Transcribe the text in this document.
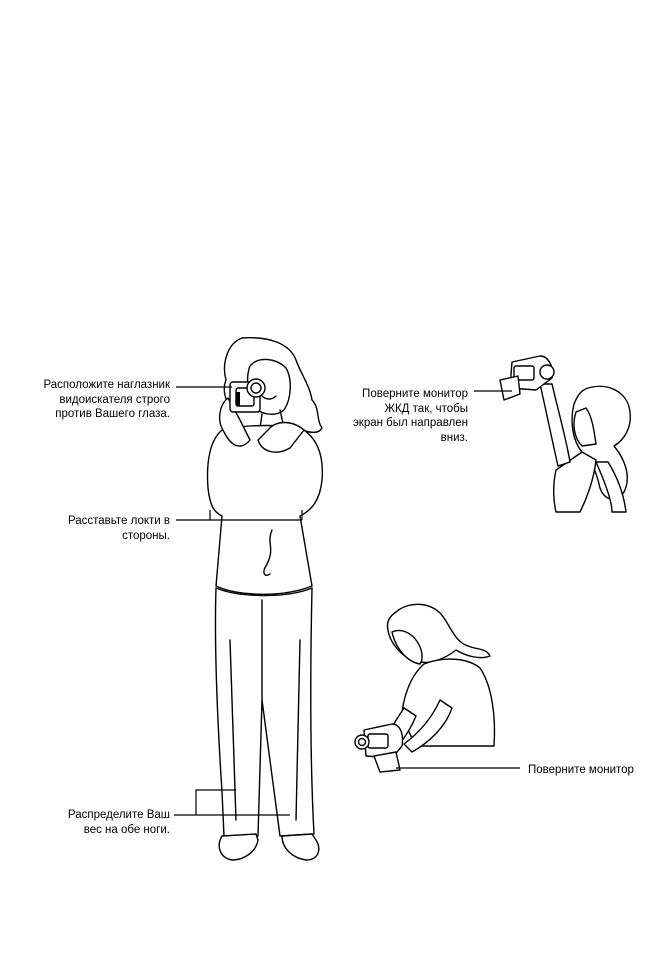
Расположите наглазник
видоискателя строго
против Вашего глаза.
Расставьте локти в
стороны.
Распределите Ваш
вес на обе ноги.
Поверните монитор
ЖКД так, чтобы
экран был направлен
вниз.
Поверните монитор
